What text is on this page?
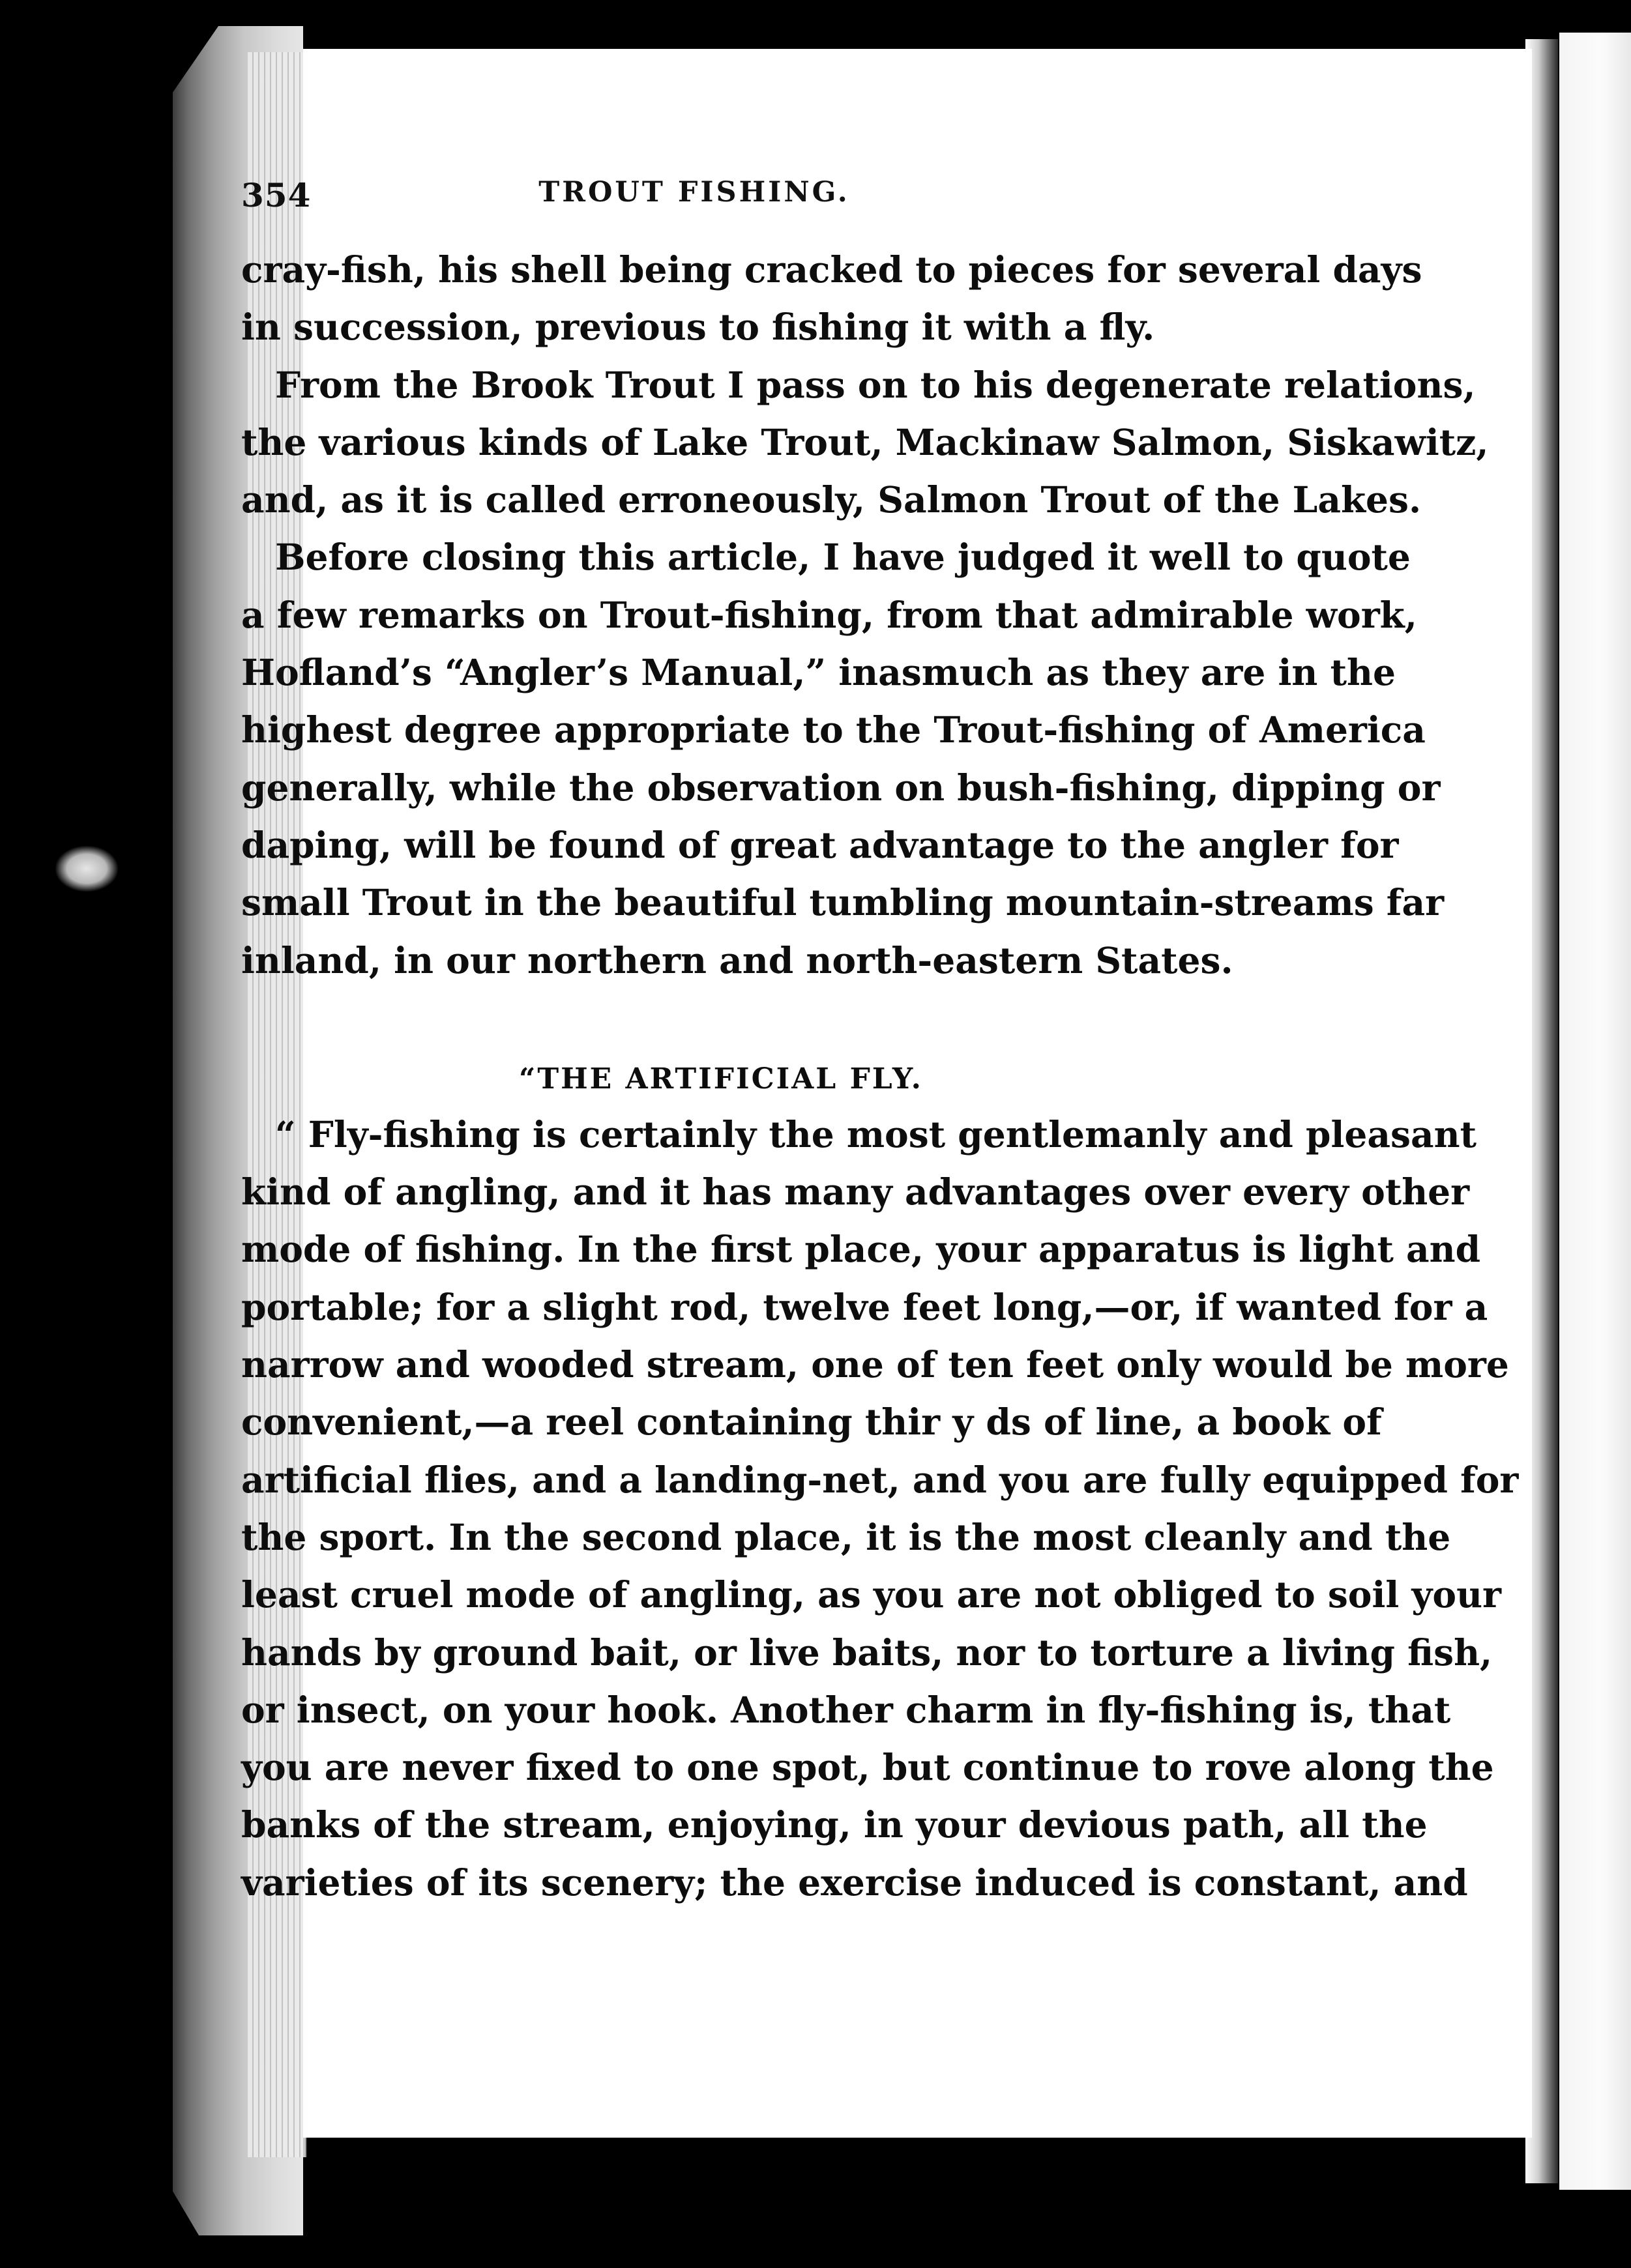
354	TROUT FISHING.
cray-fish, his shell being cracked to pieces for several days
in succession, previous to fishing it with a fly.
From the Brook Trout I pass on to his degenerate relations,
the various kinds of Lake Trout, Mackinaw Salmon, Siskawitz,
and, as it is called erroneously, Salmon Trout of the Lakes.
Before closing this article, I have judged it well to quote
a few remarks on Trout-fishing, from that admirable work,
Hofland’s “Angler’s Manual,” inasmuch as they are in the
highest degree appropriate to the Trout-fishing of America
generally, while the observation on bush-fishing, dipping or
daping, will be found of great advantage to the angler for
small Trout in the beautiful tumbling mountain-streams far
inland, in our northern and north-eastern States.
“THE ARTIFICIAL FLY.
“ Fly-fishing is certainly the most gentlemanly and pleasant
kind of angling, and it has many advantages over every other
mode of fishing. In the first place, your apparatus is light and
portable; for a slight rod, twelve feet long,—or, if wanted for a
narrow and wooded stream, one of ten feet only would be more
convenient,—a reel containing thir y ds of line, a book of
artificial flies, and a landing-net, and you are fully equipped for
the sport. In the second place, it is the most cleanly and the
least cruel mode of angling, as you are not obliged to soil your
hands by ground bait, or live baits, nor to torture a living fish,
or insect, on your hook. Another charm in fly-fishing is, that
you are never fixed to one spot, but continue to rove along the
banks of the stream, enjoying, in your devious path, all the
varieties of its scenery; the exercise induced is constant, and
